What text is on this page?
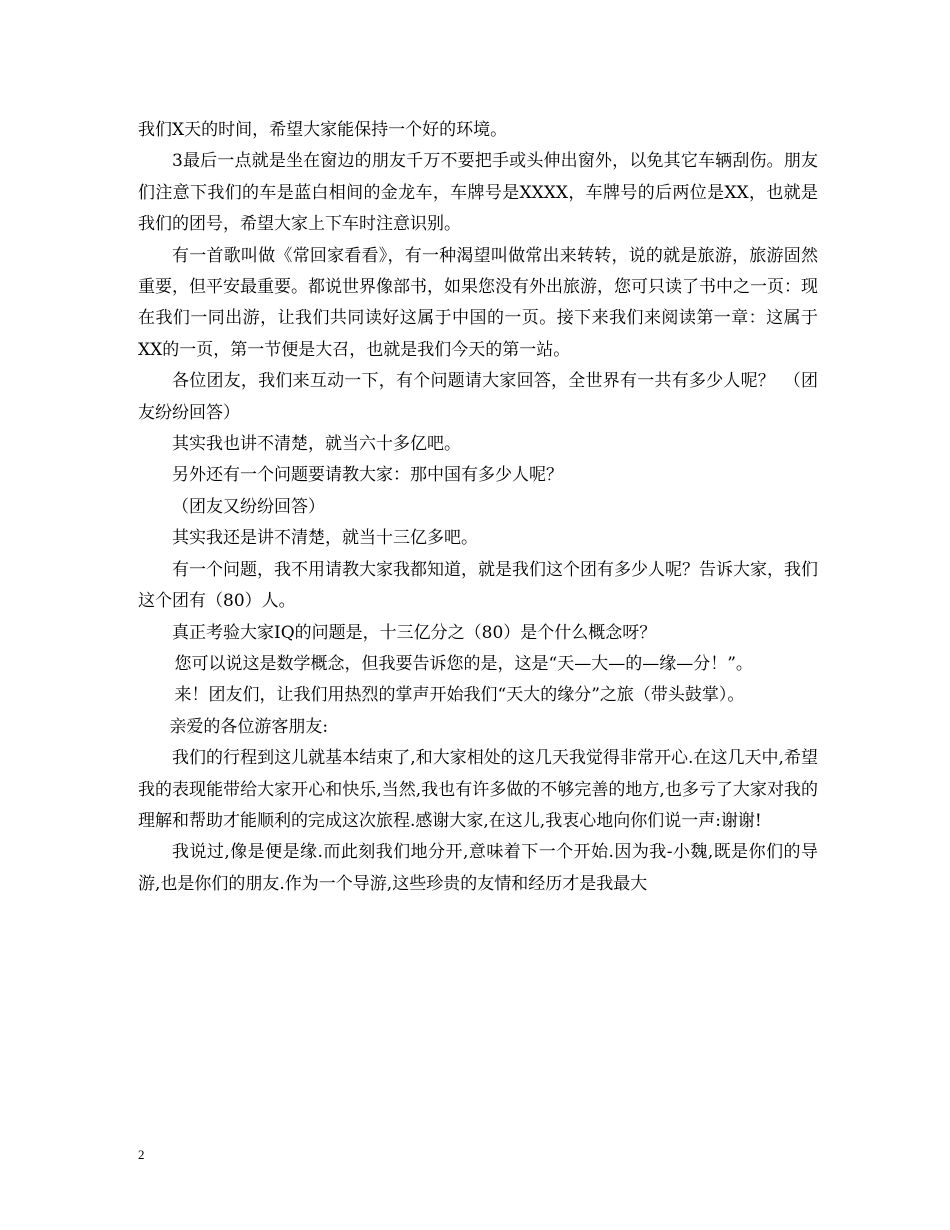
我们X天的时间，希望大家能保持一个好的环境。

3最后一点就是坐在窗边的朋友千万不要把手或头伸出窗外，以免其它车辆刮伤。朋友们注意下我们的车是蓝白相间的金龙车，车牌号是XXXX，车牌号的后两位是XX，也就是我们的团号，希望大家上下车时注意识别。

有一首歌叫做《常回家看看》，有一种渴望叫做常出来转转，说的就是旅游，旅游固然重要，但平安最重要。都说世界像部书，如果您没有外出旅游，您可只读了书中之一页：现在我们一同出游，让我们共同读好这属于中国的一页。接下来我们来阅读第一章：这属于XX的一页，第一节便是大召，也就是我们今天的第一站。

各位团友，我们来互动一下，有个问题请大家回答，全世界有一共有多少人呢？　（团友纷纷回答）

其实我也讲不清楚，就当六十多亿吧。

另外还有一个问题要请教大家：那中国有多少人呢？

（团友又纷纷回答）

其实我还是讲不清楚，就当十三亿多吧。

有一个问题，我不用请教大家我都知道，就是我们这个团有多少人呢？告诉大家，我们这个团有（80）人。

真正考验大家IQ的问题是，十三亿分之（80）是个什么概念呀？

您可以说这是数学概念，但我要告诉您的是，这是“天—大—的—缘—分！”。

来！团友们，让我们用热烈的掌声开始我们“天大的缘分”之旅（带头鼓掌）。

亲爱的各位游客朋友:

我们的行程到这儿就基本结束了,和大家相处的这几天我觉得非常开心.在这几天中,希望我的表现能带给大家开心和快乐,当然,我也有许多做的不够完善的地方,也多亏了大家对我的理解和帮助才能顺利的完成这次旅程.感谢大家,在这儿,我衷心地向你们说一声:谢谢!

我说过,像是便是缘.而此刻我们地分开,意味着下一个开始.因为我-小魏,既是你们的导游,也是你们的朋友.作为一个导游,这些珍贵的友情和经历才是我最大

2
